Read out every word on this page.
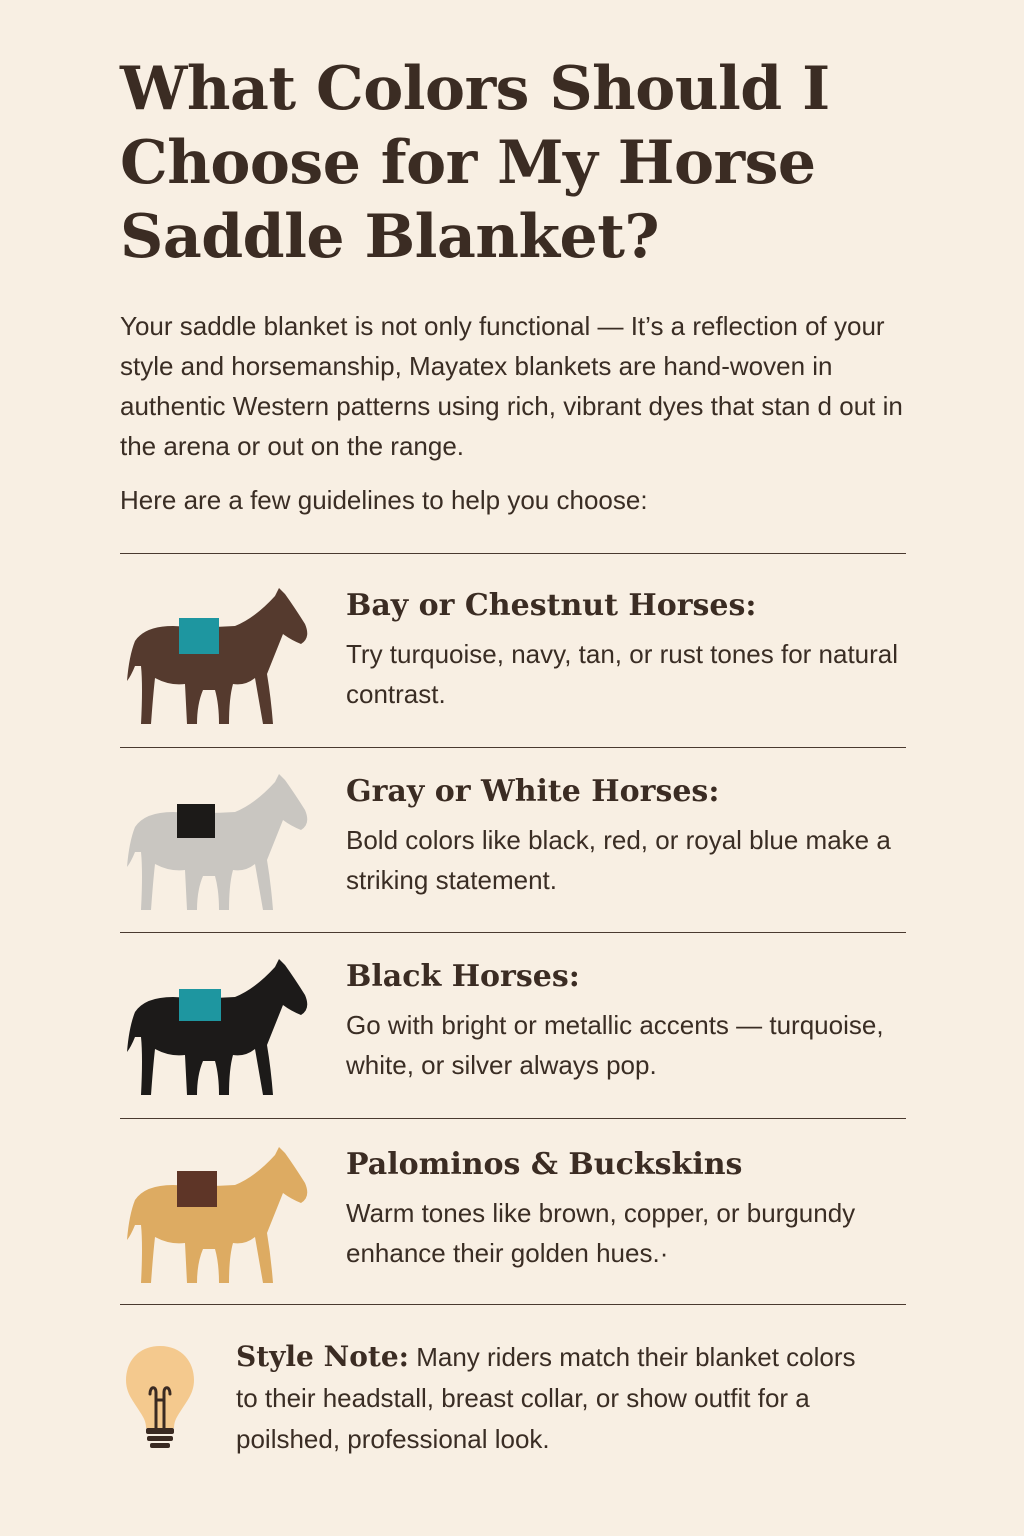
What Colors Should I Choose for My Horse Saddle Blanket?

Your saddle blanket is not only functional — It’s a reflection of your style and horsemanship, Mayatex blankets are hand-woven in authentic Western patterns using rich, vibrant dyes that stan d out in the arena or out on the range.

Here are a few guidelines to help you choose:

Bay or Chestnut Horses:

Try turquoise, navy, tan, or rust tones for natural contrast.

Gray or White Horses:

Bold colors like black, red, or royal blue make a striking statement.

Black Horses:

Go with bright or metallic accents — turquoise, white, or silver always pop.

Palominos & Buckskins

Warm tones like brown, copper, or burgundy enhance their golden hues.·

Style Note: Many riders match their blanket colors to their headstall, breast collar, or show outfit for a poilshed, professional look.
